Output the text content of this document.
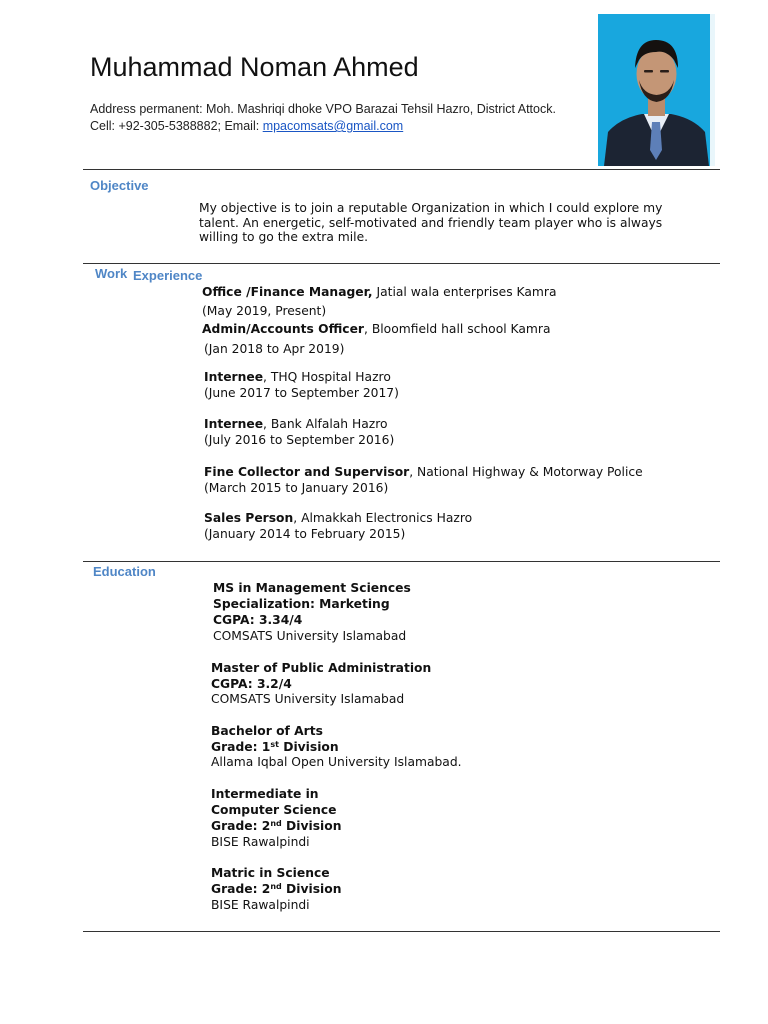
Muhammad Noman Ahmed
Address permanent: Moh. Mashriqi dhoke VPO Barazai Tehsil Hazro, District Attock.
Cell: +92-305-5388882; Email: mpacomsats@gmail.com
Objective
My objective is to join a reputable Organization in which I could explore my talent. An energetic, self-motivated and friendly team player who is always willing to go the extra mile.
Work Experience
Office /Finance Manager, Jatial wala enterprises Kamra
(May 2019, Present)
Admin/Accounts Officer, Bloomfield hall school Kamra
(Jan 2018 to Apr 2019)
Internee, THQ Hospital Hazro
(June 2017 to September 2017)
Internee, Bank Alfalah Hazro
(July 2016 to September 2016)
Fine Collector and Supervisor, National Highway & Motorway Police
(March 2015 to January 2016)
Sales Person, Almakkah Electronics Hazro
(January 2014 to February 2015)
Education
MS in Management Sciences
Specialization: Marketing
CGPA: 3.34/4
COMSATS University Islamabad
Master of Public Administration
CGPA: 3.2/4
COMSATS University Islamabad
Bachelor of Arts
Grade: 1st Division
Allama Iqbal Open University Islamabad.
Intermediate in
Computer Science
Grade: 2nd Division
BISE Rawalpindi
Matric in Science
Grade: 2nd Division
BISE Rawalpindi
